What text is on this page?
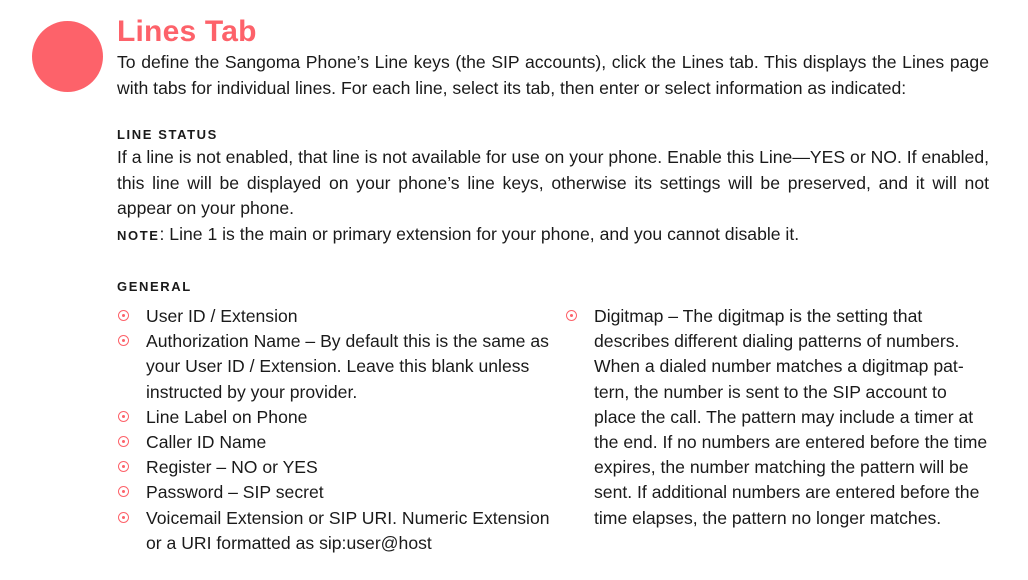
Lines Tab

To define the Sangoma Phone’s Line keys (the SIP accounts), click the Lines tab. This displays the Lines page with tabs for individual lines. For each line, select its tab, then enter or select information as indicated:

LINE STATUS

If a line is not enabled, that line is not available for use on your phone. Enable this Line—YES or NO. If enabled, this line will be displayed on your phone’s line keys, otherwise its settings will be preserved, and it will not appear on your phone.

NOTE: Line 1 is the main or primary extension for your phone, and you cannot disable it.

GENERAL

User ID / Extension
Authorization Name – By default this is the same as your User ID / Extension. Leave this blank unless instructed by your provider.
Line Label on Phone
Caller ID Name
Register – NO or YES
Password – SIP secret
Voicemail Extension or SIP URI. Numeric Extension or a URI formatted as sip:user@host
Digitmap – The digitmap is the setting that describes different dialing patterns of numbers. When a dialed number matches a digitmap pattern, the number is sent to the SIP account to place the call. The pattern may include a timer at the end. If no numbers are entered before the time expires, the number matching the pattern will be sent. If additional numbers are entered before the time elapses, the pattern no longer matches.
